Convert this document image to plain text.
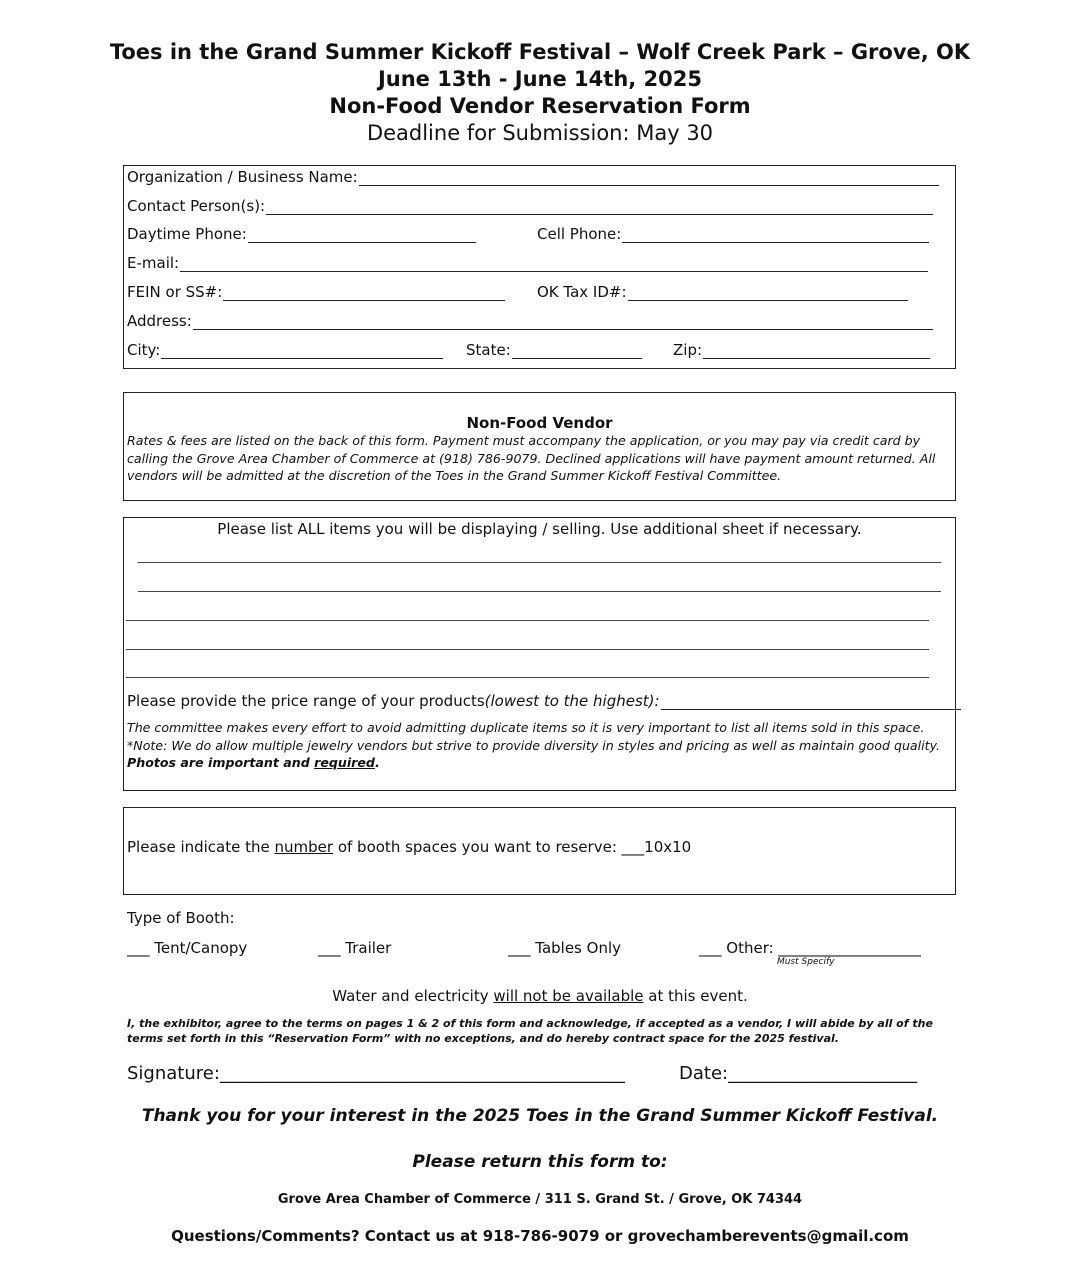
Toes in the Grand Summer Kickoff Festival – Wolf Creek Park – Grove, OK
June 13th - June 14th, 2025
Non-Food Vendor Reservation Form
Deadline for Submission: May 30
Organization / Business Name:
Contact Person(s):
Daytime Phone:	Cell Phone:
E-mail:
FEIN or SS#:	OK Tax ID#:
Address:
City:	State:	Zip:
Non-Food Vendor
Rates & fees are listed on the back of this form. Payment must accompany the application, or you may pay via credit card by calling the Grove Area Chamber of Commerce at (918) 786-9079. Declined applications will have payment amount returned. All vendors will be admitted at the discretion of the Toes in the Grand Summer Kickoff Festival Committee.
Please list ALL items you will be displaying / selling. Use additional sheet if necessary.
Please provide the price range of your products (lowest to the highest):
The committee makes every effort to avoid admitting duplicate items so it is very important to list all items sold in this space.
*Note: We do allow multiple jewelry vendors but strive to provide diversity in styles and pricing as well as maintain good quality.
Photos are important and required.
Please indicate the number of booth spaces you want to reserve: ___10x10
Type of Booth:
___ Tent/Canopy	___ Trailer	___ Tables Only	___ Other: ___________________
Must Specify
Water and electricity will not be available at this event.
I, the exhibitor, agree to the terms on pages 1 & 2 of this form and acknowledge, if accepted as a vendor, I will abide by all of the terms set forth in this “Reservation Form” with no exceptions, and do hereby contract space for the 2025 festival.
Signature:_____________________________________________	Date:_____________________
Thank you for your interest in the 2025 Toes in the Grand Summer Kickoff Festival.
Please return this form to:
Grove Area Chamber of Commerce / 311 S. Grand St. / Grove, OK 74344
Questions/Comments? Contact us at 918-786-9079 or grovechamberevents@gmail.com
